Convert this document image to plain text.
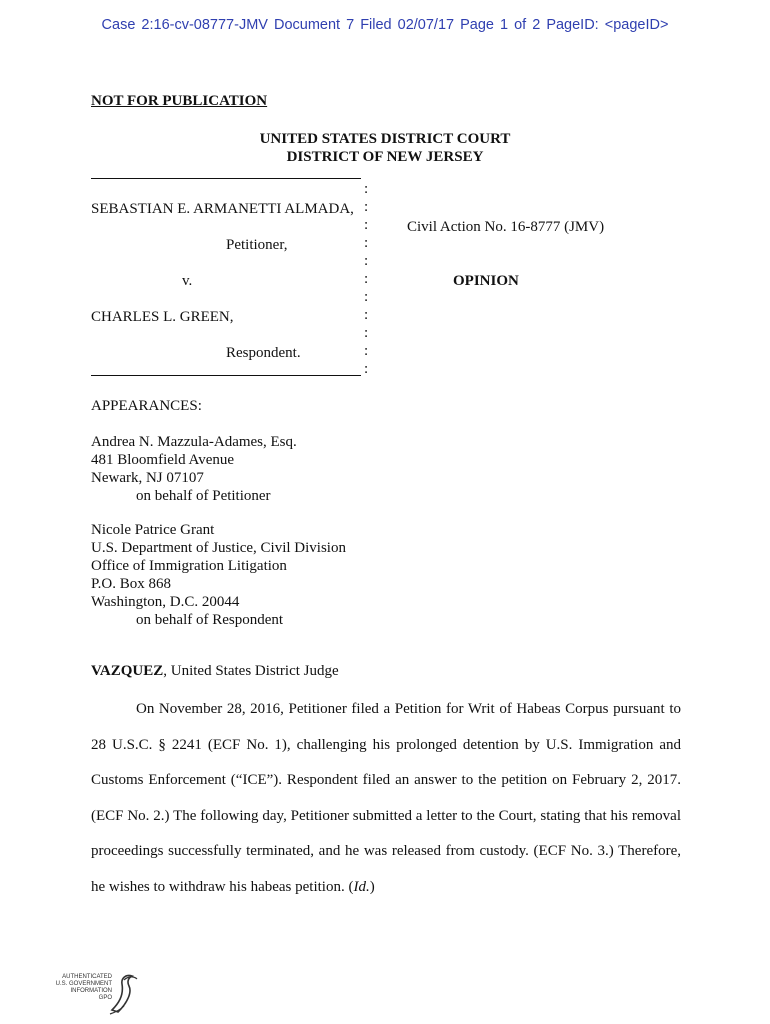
Case 2:16-cv-08777-JMV Document 7 Filed 02/07/17 Page 1 of 2 PageID: <pageID>
NOT FOR PUBLICATION
UNITED STATES DISTRICT COURT
DISTRICT OF NEW JERSEY
:
:
:
:
:
:
:
:
:
:
:
SEBASTIAN E. ARMANETTI ALMADA,
Petitioner,
v.
CHARLES L. GREEN,
Respondent.
Civil Action No. 16-8777 (JMV)
OPINION
APPEARANCES:
Andrea N. Mazzula-Adames, Esq.
481 Bloomfield Avenue
Newark, NJ 07107
on behalf of Petitioner
Nicole Patrice Grant
U.S. Department of Justice, Civil Division
Office of Immigration Litigation
P.O. Box 868
Washington, D.C. 20044
on behalf of Respondent
VAZQUEZ, United States District Judge
On November 28, 2016, Petitioner filed a Petition for Writ of Habeas Corpus pursuant to 28 U.S.C. § 2241 (ECF No. 1), challenging his prolonged detention by U.S. Immigration and Customs Enforcement (“ICE”). Respondent filed an answer to the petition on February 2, 2017. (ECF No. 2.) The following day, Petitioner submitted a letter to the Court, stating that his removal proceedings successfully terminated, and he was released from custody. (ECF No. 3.) Therefore, he wishes to withdraw his habeas petition. (Id.)
AUTHENTICATED
U.S. GOVERNMENT
INFORMATION
GPO
